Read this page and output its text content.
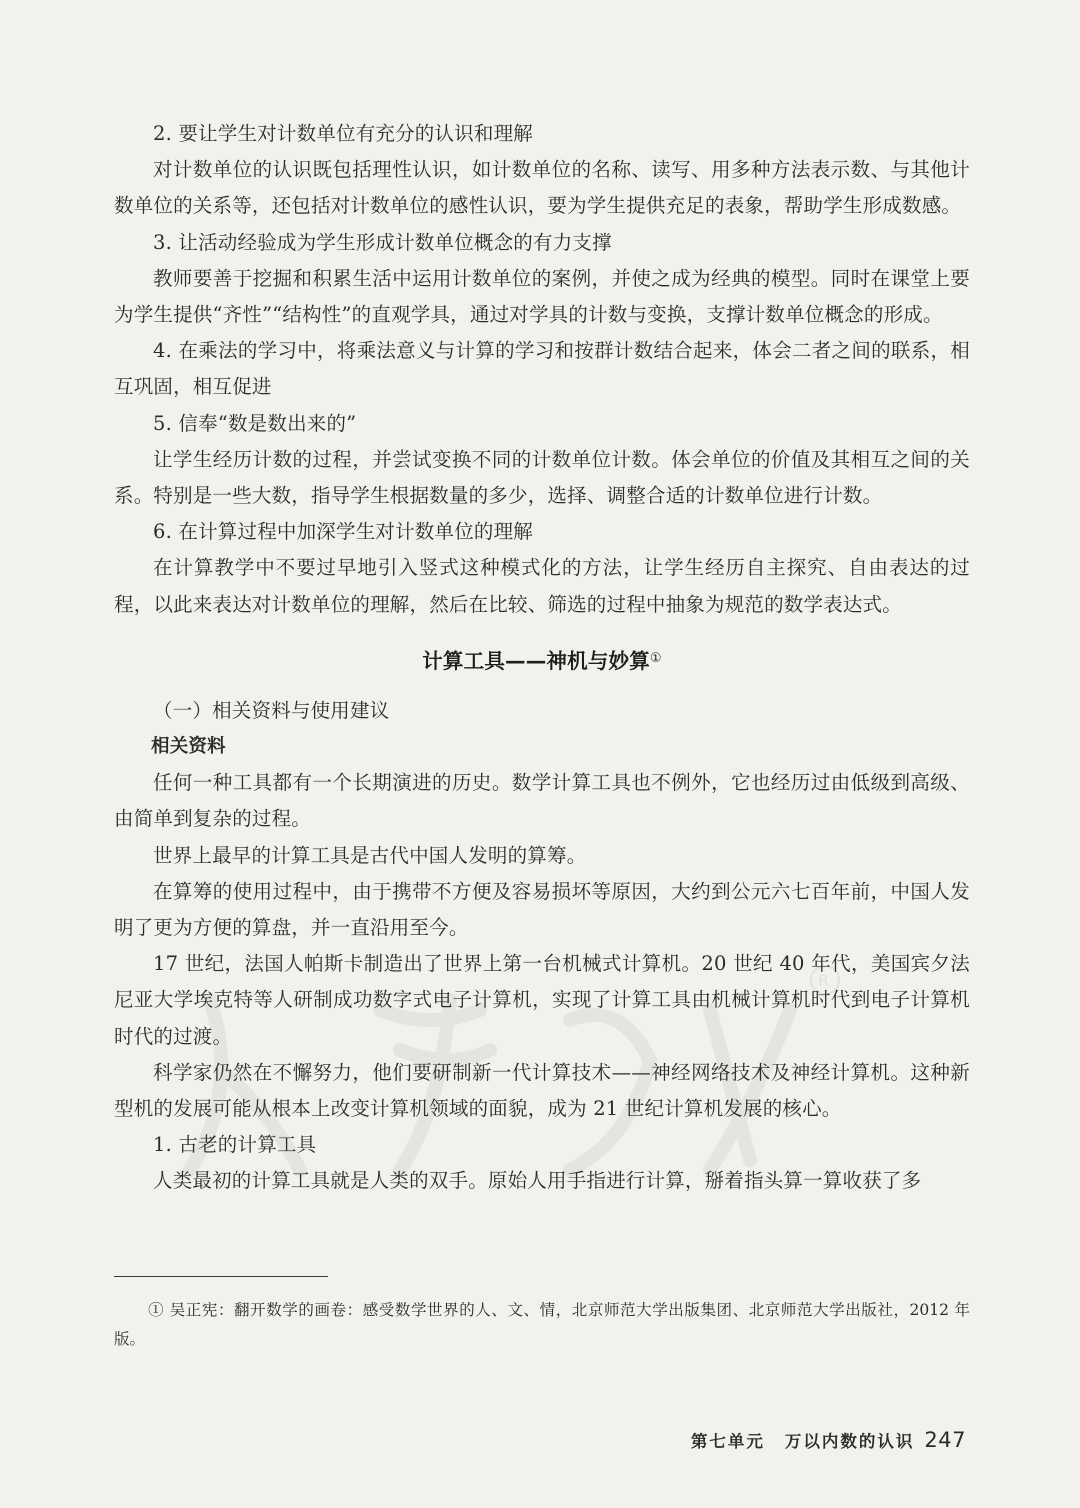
R

2. 要让学生对计数单位有充分的认识和理解

对计数单位的认识既包括理性认识，如计数单位的名称、读写、用多种方法表示数、与其他计数单位的关系等，还包括对计数单位的感性认识，要为学生提供充足的表象，帮助学生形成数感。

3. 让活动经验成为学生形成计数单位概念的有力支撑

教师要善于挖掘和积累生活中运用计数单位的案例，并使之成为经典的模型。同时在课堂上要为学生提供“齐性”“结构性”的直观学具，通过对学具的计数与变换，支撑计数单位概念的形成。

4. 在乘法的学习中，将乘法意义与计算的学习和按群计数结合起来，体会二者之间的联系，相互巩固，相互促进

5. 信奉“数是数出来的”

让学生经历计数的过程，并尝试变换不同的计数单位计数。体会单位的价值及其相互之间的关系。特别是一些大数，指导学生根据数量的多少，选择、调整合适的计数单位进行计数。

6. 在计算过程中加深学生对计数单位的理解

在计算教学中不要过早地引入竖式这种模式化的方法，让学生经历自主探究、自由表达的过程，以此来表达对计数单位的理解，然后在比较、筛选的过程中抽象为规范的数学表达式。

计算工具——神机与妙算①

（一）相关资料与使用建议

相关资料

任何一种工具都有一个长期演进的历史。数学计算工具也不例外，它也经历过由低级到高级、由简单到复杂的过程。

世界上最早的计算工具是古代中国人发明的算筹。

在算筹的使用过程中，由于携带不方便及容易损坏等原因，大约到公元六七百年前，中国人发明了更为方便的算盘，并一直沿用至今。

17 世纪，法国人帕斯卡制造出了世界上第一台机械式计算机。20 世纪 40 年代，美国宾夕法尼亚大学埃克特等人研制成功数字式电子计算机，实现了计算工具由机械计算机时代到电子计算机时代的过渡。

科学家仍然在不懈努力，他们要研制新一代计算技术——神经网络技术及神经计算机。这种新型机的发展可能从根本上改变计算机领域的面貌，成为 21 世纪计算机发展的核心。

1. 古老的计算工具

人类最初的计算工具就是人类的双手。原始人用手指进行计算，掰着指头算一算收获了多

① 吴正宪：翻开数学的画卷：感受数学世界的人、文、情，北京师范大学出版集团、北京师范大学出版社，2012 年版。
第七单元 万以内数的认识 247
